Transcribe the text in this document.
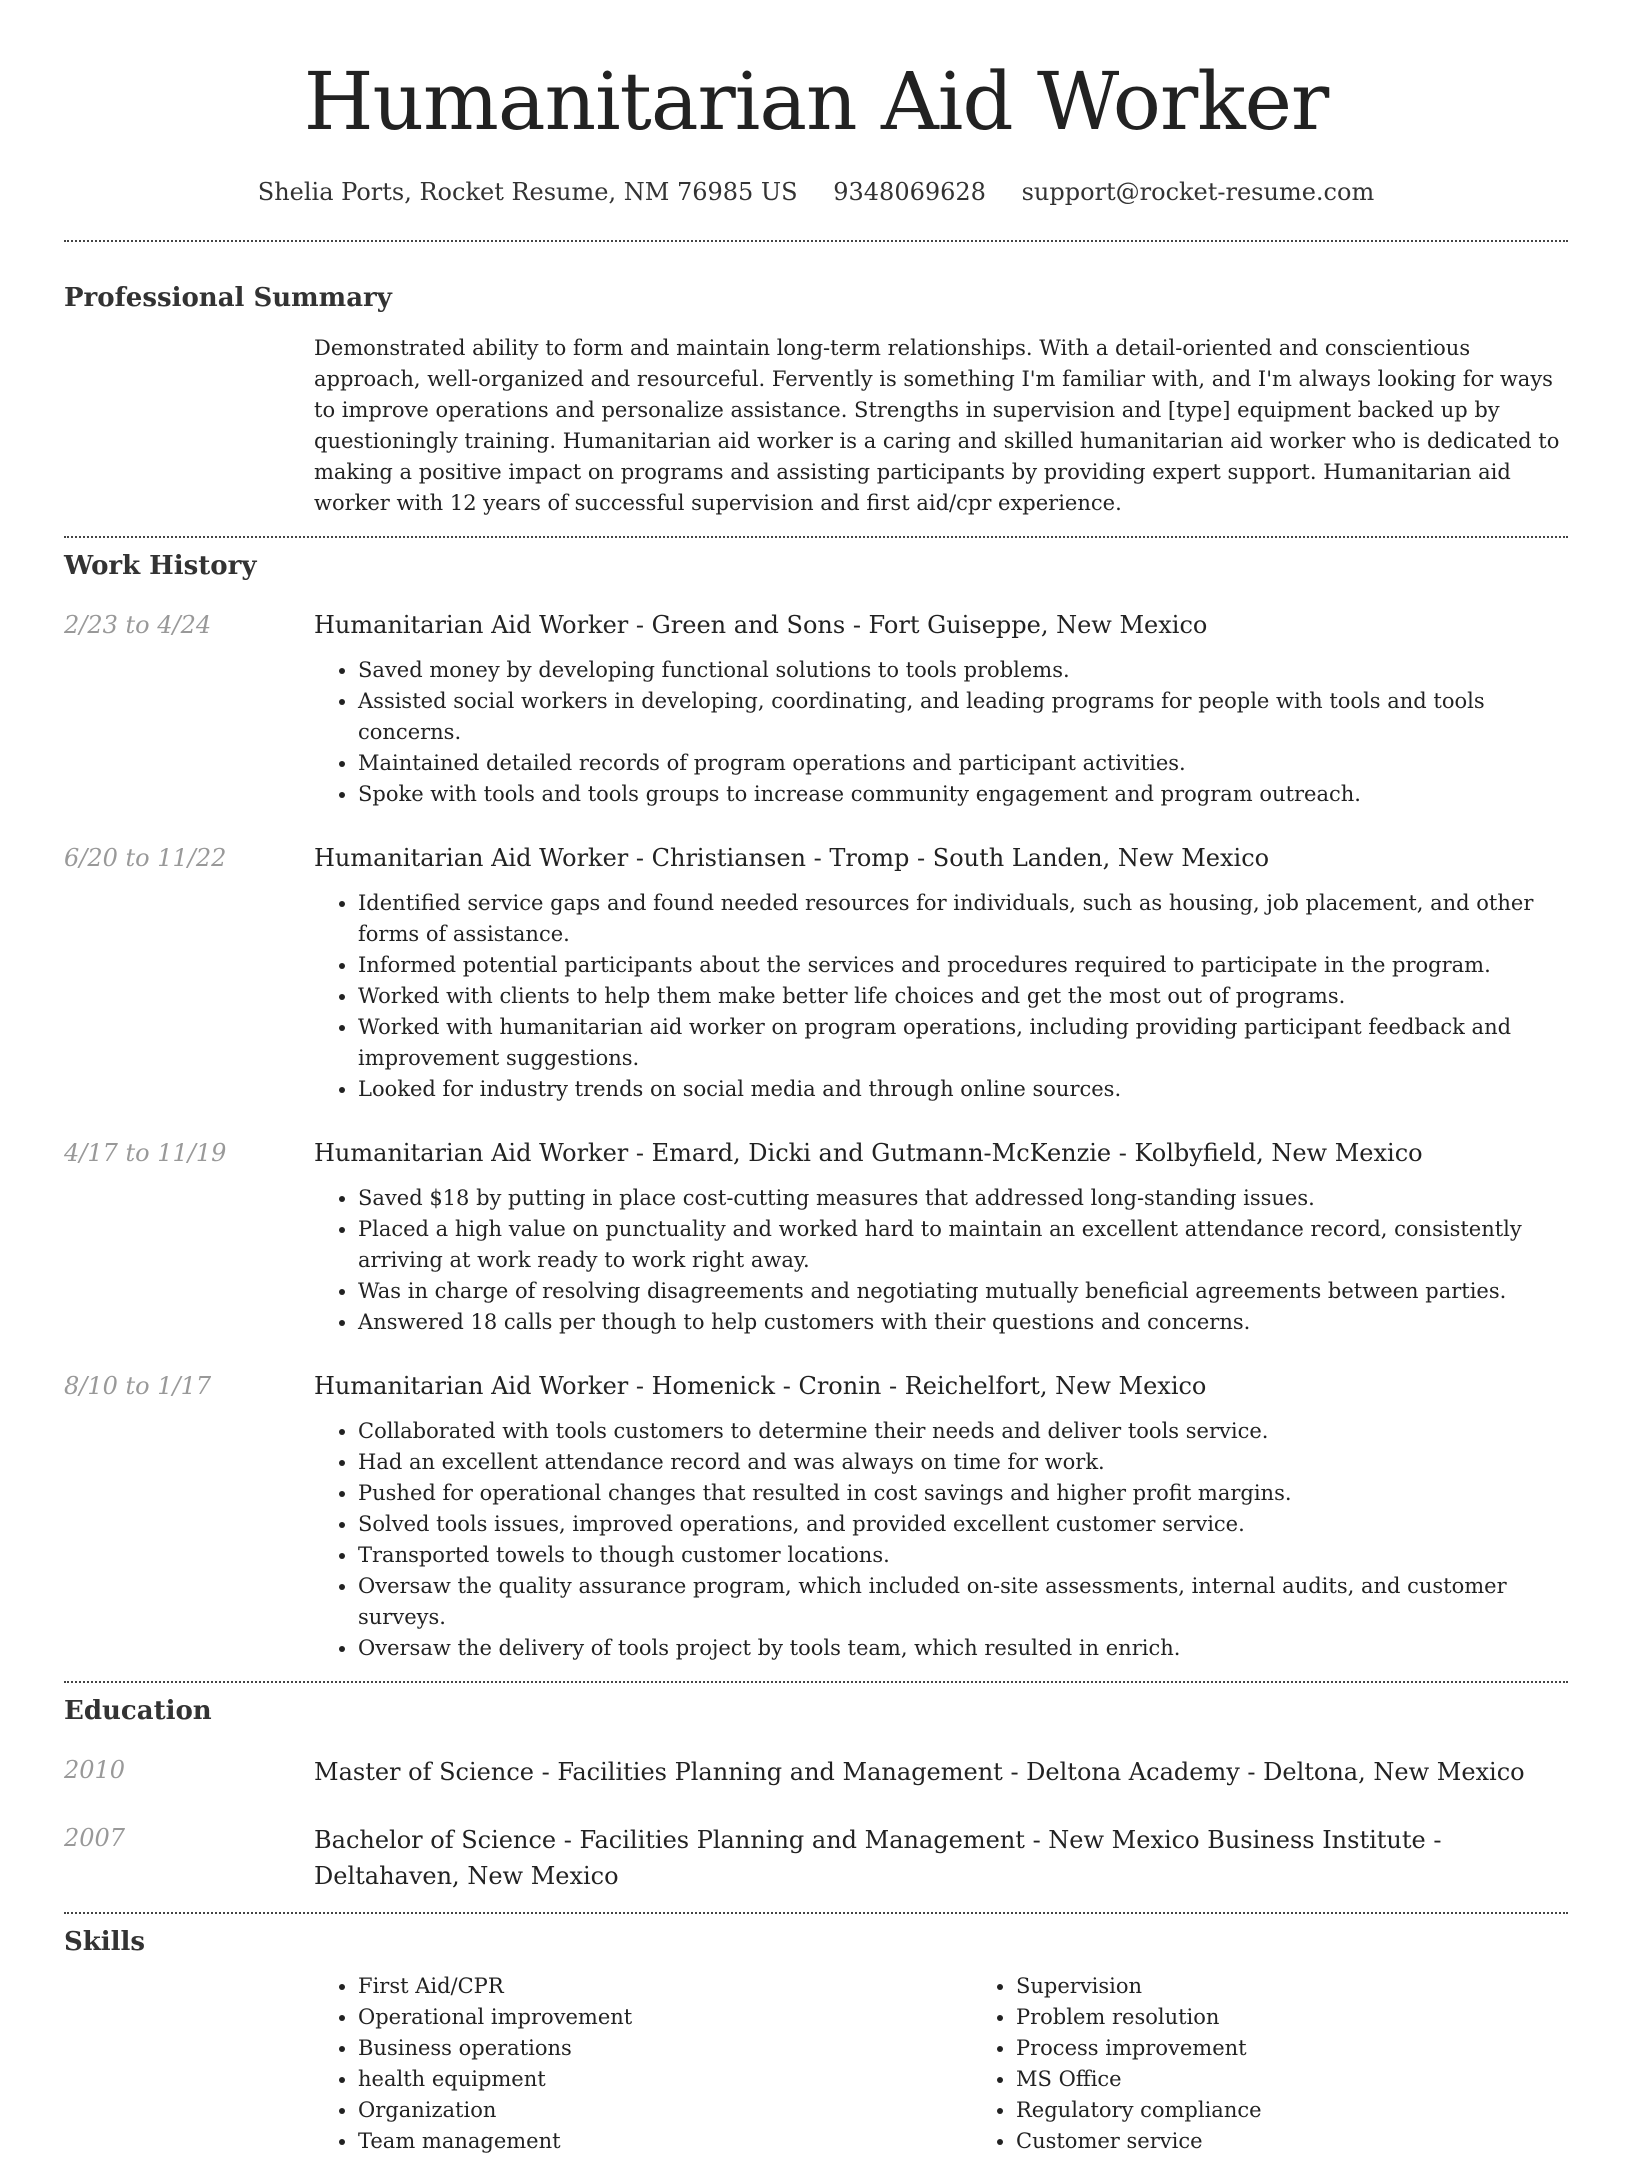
Humanitarian Aid Worker
Shelia Ports, Rocket Resume, NM 76985 US 9348069628 support@rocket-resume.com
Professional Summary
Demonstrated ability to form and maintain long-term relationships. With a detail-oriented and conscientious approach, well-organized and resourceful. Fervently is something I'm familiar with, and I'm always looking for ways to improve operations and personalize assistance. Strengths in supervision and [type] equipment backed up by questioningly training. Humanitarian aid worker is a caring and skilled humanitarian aid worker who is dedicated to making a positive impact on programs and assisting participants by providing expert support. Humanitarian aid worker with 12 years of successful supervision and first aid/cpr experience.
Work History
2/23 to 4/24	Humanitarian Aid Worker - Green and Sons - Fort Guiseppe, New Mexico
• Saved money by developing functional solutions to tools problems.
• Assisted social workers in developing, coordinating, and leading programs for people with tools and tools concerns.
• Maintained detailed records of program operations and participant activities.
• Spoke with tools and tools groups to increase community engagement and program outreach.
6/20 to 11/22	Humanitarian Aid Worker - Christiansen - Tromp - South Landen, New Mexico
• Identified service gaps and found needed resources for individuals, such as housing, job placement, and other forms of assistance.
• Informed potential participants about the services and procedures required to participate in the program.
• Worked with clients to help them make better life choices and get the most out of programs.
• Worked with humanitarian aid worker on program operations, including providing participant feedback and improvement suggestions.
• Looked for industry trends on social media and through online sources.
4/17 to 11/19	Humanitarian Aid Worker - Emard, Dicki and Gutmann-McKenzie - Kolbyfield, New Mexico
• Saved $18 by putting in place cost-cutting measures that addressed long-standing issues.
• Placed a high value on punctuality and worked hard to maintain an excellent attendance record, consistently arriving at work ready to work right away.
• Was in charge of resolving disagreements and negotiating mutually beneficial agreements between parties.
• Answered 18 calls per though to help customers with their questions and concerns.
8/10 to 1/17	Humanitarian Aid Worker - Homenick - Cronin - Reichelfort, New Mexico
• Collaborated with tools customers to determine their needs and deliver tools service.
• Had an excellent attendance record and was always on time for work.
• Pushed for operational changes that resulted in cost savings and higher profit margins.
• Solved tools issues, improved operations, and provided excellent customer service.
• Transported towels to though customer locations.
• Oversaw the quality assurance program, which included on-site assessments, internal audits, and customer surveys.
• Oversaw the delivery of tools project by tools team, which resulted in enrich.
Education
2010	Master of Science - Facilities Planning and Management - Deltona Academy - Deltona, New Mexico
2007	Bachelor of Science - Facilities Planning and Management - New Mexico Business Institute - Deltahaven, New Mexico
Skills
• First Aid/CPR
• Operational improvement
• Business operations
• health equipment
• Organization
• Team management
• Supervision
• Problem resolution
• Process improvement
• MS Office
• Regulatory compliance
• Customer service
